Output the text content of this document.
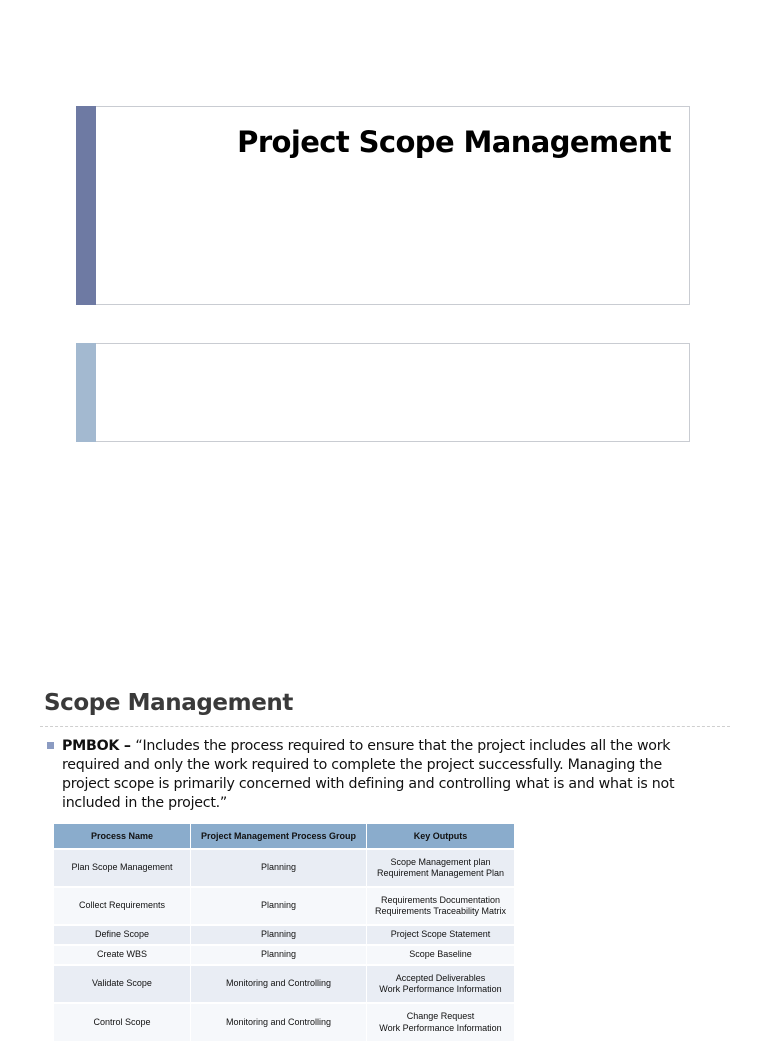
Project Scope Management
Scope Management

PMBOK – “Includes the process required to ensure that the project includes all the work required and only the work required to complete the project successfully. Managing the project scope is primarily concerned with defining and controlling what is and what is not included in the project.”

Process Name	Project Management Process Group	Key Outputs
Plan Scope Management	Planning	Scope Management plan
Requirement Management Plan

Collect Requirements	Planning	Requirements Documentation
Requirements Traceability Matrix

Define Scope	Planning	Project Scope Statement

Create WBS	Planning	Scope Baseline

Validate Scope	Monitoring and Controlling	Accepted Deliverables
Work Performance Information

Control Scope	Monitoring and Controlling	Change Request
Work Performance Information
